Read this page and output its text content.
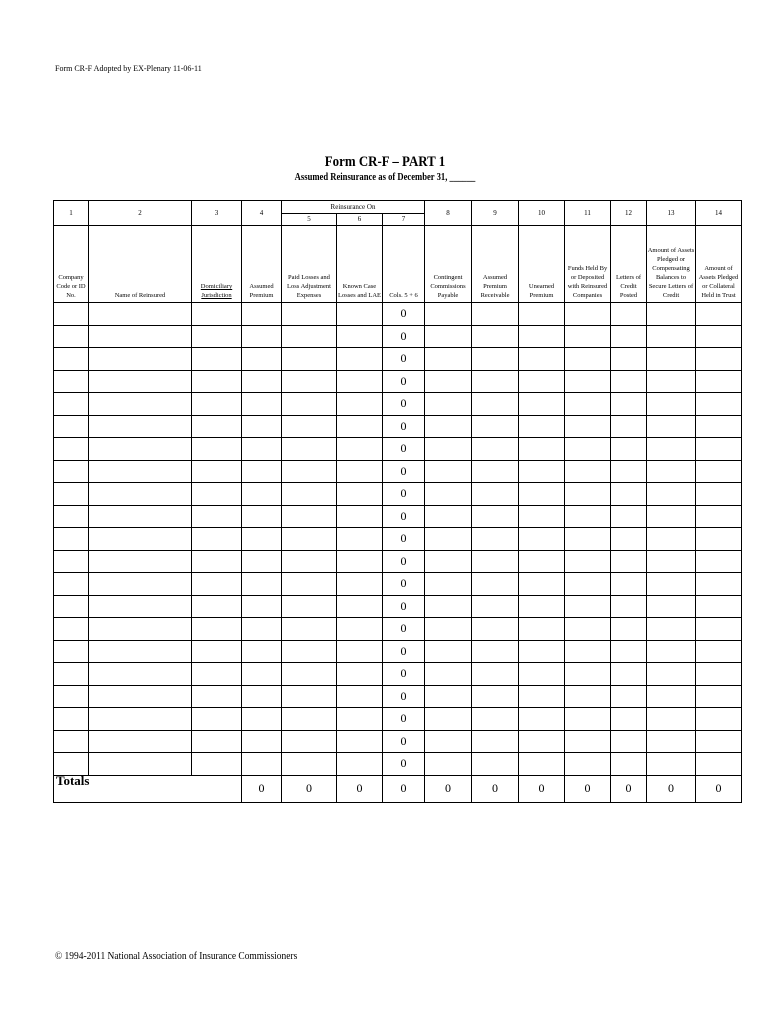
Form CR-F Adopted by EX-Plenary 11-06-11
Form CR-F – PART 1
Assumed Reinsurance as of December 31, ______
1	2	3	4	Reinsurance On			8	9	10	11	12	13	14
				5	6	7							
Company Code or ID No.	Name of Reinsured	Domiciliary Jurisdiction	Assumed Premium	Paid Losses and Loss Adjustment Expenses	Known Case Losses and LAE	Cols. 5 + 6	Contingent Commissions Payable	Assumed Premium Receivable	Unearned Premium	Funds Held By or Deposited with Reinsured Companies	Letters of Credit Posted	Amount of Assets Pledged or Compensating Balances to Secure Letters of Credit	Amount of Assets Pledged or Collateral Held in Trust
						0							
						0							
						0							
						0							
						0							
						0							
						0							
						0							
						0							
						0							
						0							
						0							
						0							
						0							
						0							
						0							
						0							
						0							
						0							
						0							
						0							
Totals			0	0	0	0	0	0	0	0	0	0	0
© 1994-2011 National Association of Insurance Commissioners
